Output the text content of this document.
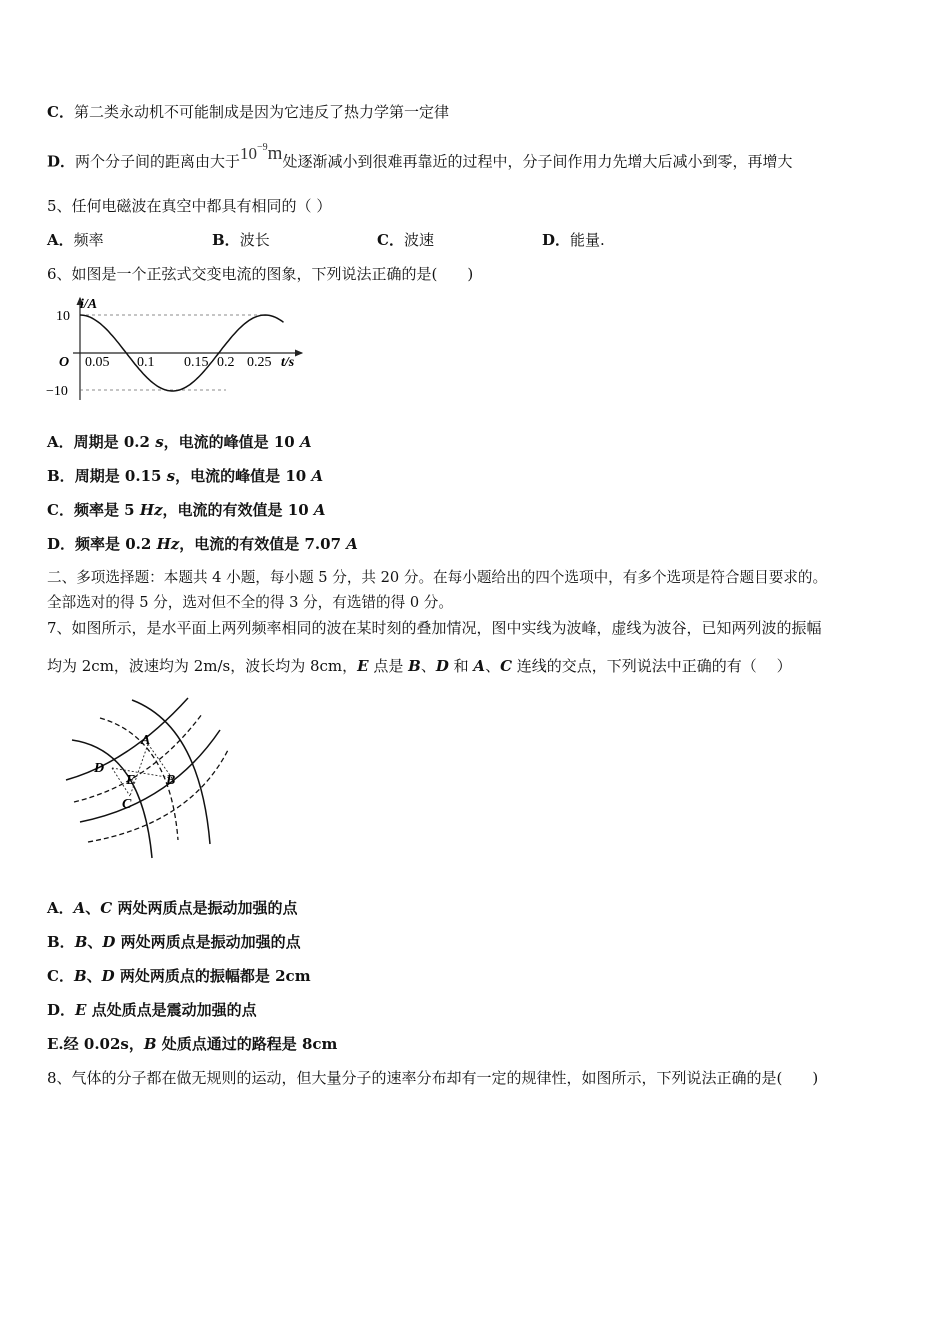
C．第二类永动机不可能制成是因为它违反了热力学第一定律
D．两个分子间的距离由大于$10^{-9}m$处逐渐减小到很难再靠近的过程中，分子间作用力先增大后减小到零，再增大
5、任何电磁波在真空中都具有相同的（ ）
A．频率	B．波长	C．波速	D．能量.
6、如图是一个正弦式交变电流的图象，下列说法正确的是(　　)
i/A
t/s
O
10
−10
0.05 0.1 0.15 0.2 0.25
A．周期是 0.2 s，电流的峰值是 10 A
B．周期是 0.15 s，电流的峰值是 10 A
C．频率是 5 Hz，电流的有效值是 10 A
D．频率是 0.2 Hz，电流的有效值是 7.07 A
二、多项选择题：本题共 4 小题，每小题 5 分，共 20 分。在每小题给出的四个选项中，有多个选项是符合题目要求的。
全部选对的得 5 分，选对但不全的得 3 分，有选错的得 0 分。
7、如图所示，是水平面上两列频率相同的波在某时刻的叠加情况，图中实线为波峰，虚线为波谷，已知两列波的振幅
均为 2cm，波速均为 2m/s，波长均为 8cm，E 点是 B、D 和 A、C 连线的交点，下列说法中正确的有（　 ）
A
B
C
D
E
A．A、C 两处两质点是振动加强的点
B．B、D 两处两质点是振动加强的点
C．B、D 两处两质点的振幅都是 2cm
D．E 点处质点是震动加强的点
E.经 0.02s，B 处质点通过的路程是 8cm
8、气体的分子都在做无规则的运动，但大量分子的速率分布却有一定的规律性，如图所示，下列说法正确的是(　　)
